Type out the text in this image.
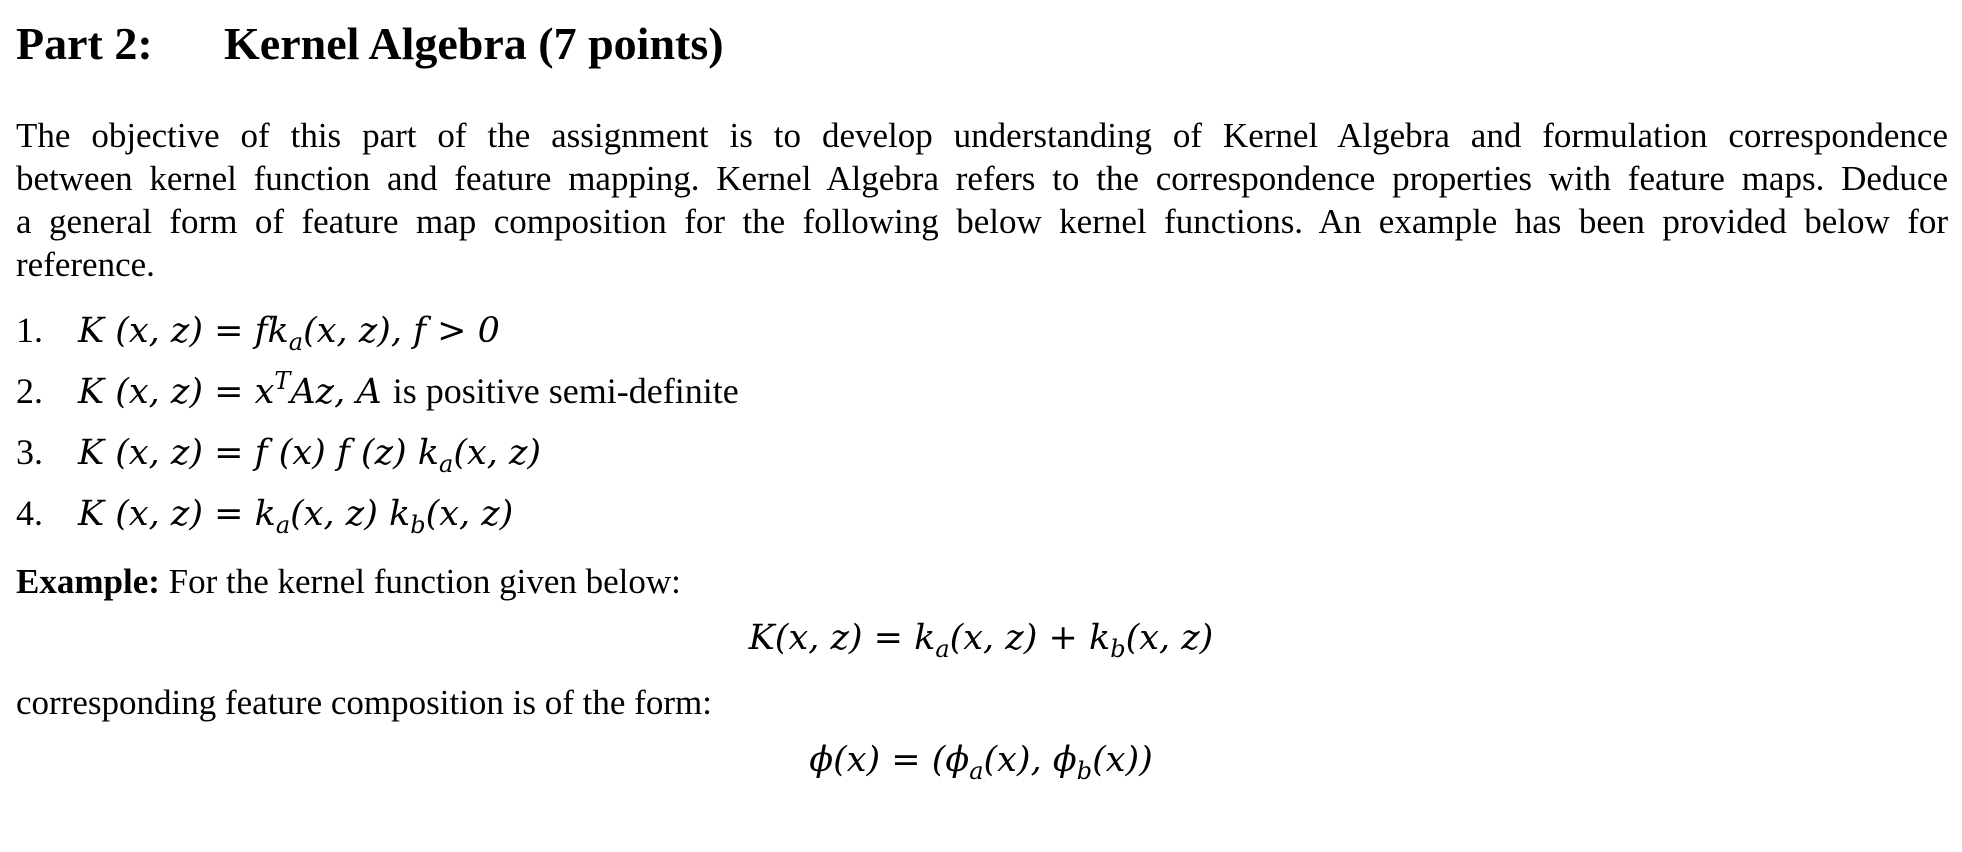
Part 2: Kernel Algebra (7 points)
The objective of this part of the assignment is to develop understanding of Kernel Algebra and formulation correspondence
between kernel function and feature mapping. Kernel Algebra refers to the correspondence properties with feature maps. Deduce
a general form of feature map composition for the following below kernel functions. An example has been provided below for
reference.
1. K (x, $z) = fk_a(x$, z), f > 0
2. K (x, $z) = x^TAz$, A is positive semi-definite
3. K (x, z) = f (x) f (z) $k_a(x$, z)
4. K (x, $z) = k_a(x$, z) $k_b(x$, z)
Example: For the kernel function given below:
K(x, $z) = k_a(x$, $z) + k_b(x$, z)
corresponding feature composition is of the form:
$\phi(x) = (\phi_a(x)$, $\phi_b(x)$)
